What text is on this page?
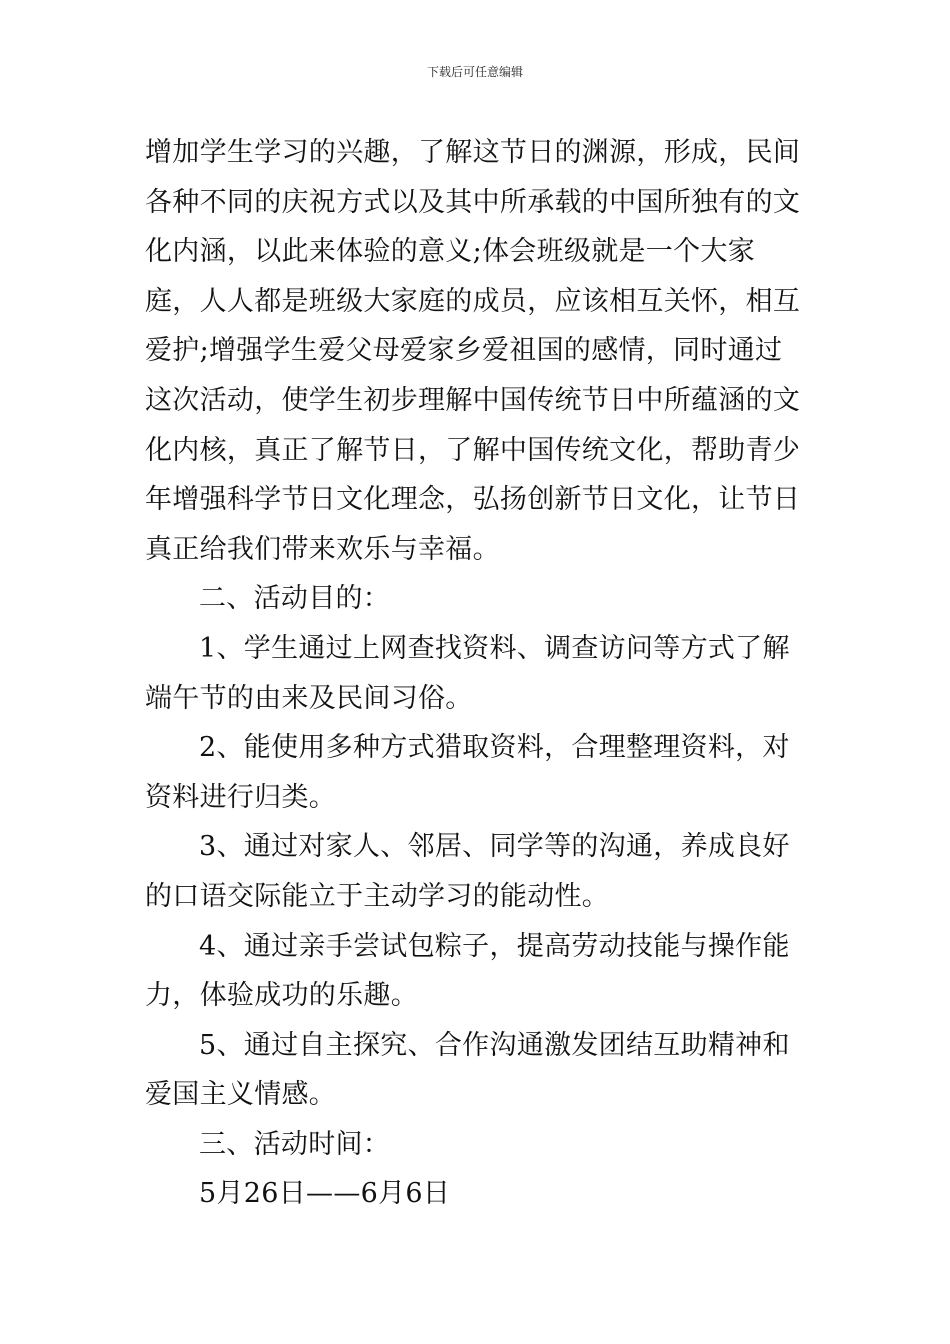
下载后可任意编辑

增加学生学习的兴趣，了解这节日的渊源，形成，民间各种不同的庆祝方式以及其中所承载的中国所独有的文化内涵，以此来体验的意义;体会班级就是一个大家庭，人人都是班级大家庭的成员，应该相互关怀，相互爱护;增强学生爱父母爱家乡爱祖国的感情，同时通过这次活动，使学生初步理解中国传统节日中所蕴涵的文化内核，真正了解节日，了解中国传统文化，帮助青少年增强科学节日文化理念，弘扬创新节日文化，让节日真正给我们带来欢乐与幸福。

二、活动目的：

1、学生通过上网查找资料、调查访问等方式了解端午节的由来及民间习俗。

2、能使用多种方式猎取资料，合理整理资料，对资料进行归类。

3、通过对家人、邻居、同学等的沟通，养成良好的口语交际能立于主动学习的能动性。

4、通过亲手尝试包粽子，提高劳动技能与操作能力，体验成功的乐趣。

5、通过自主探究、合作沟通激发团结互助精神和爱国主义情感。

三、活动时间：

5月26日——6月6日
